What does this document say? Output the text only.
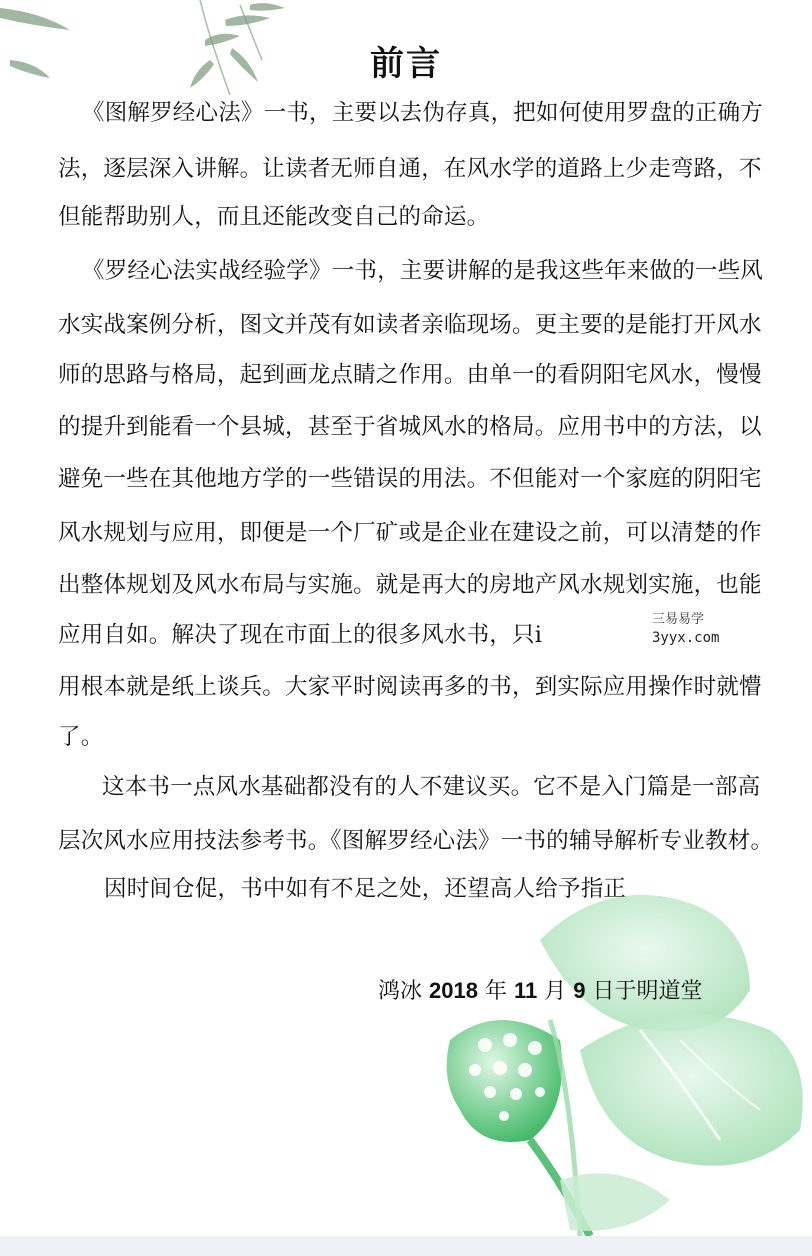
前言

《图解罗经心法》一书，主要以去伪存真，把如何使用罗盘的正确方

法，逐层深入讲解。让读者无师自通，在风水学的道路上少走弯路，不

但能帮助别人，而且还能改变自己的命运。

《罗经心法实战经验学》一书，主要讲解的是我这些年来做的一些风

水实战案例分析，图文并茂有如读者亲临现场。更主要的是能打开风水

师的思路与格局，起到画龙点睛之作用。由单一的看阴阳宅风水，慢慢

的提升到能看一个县城，甚至于省城风水的格局。应用书中的方法，以

避免一些在其他地方学的一些错误的用法。不但能对一个家庭的阴阳宅

风水规划与应用，即便是一个厂矿或是企业在建设之前，可以清楚的作

出整体规划及风水布局与实施。就是再大的房地产风水规划实施，也能

应用自如。解决了现在市面上的很多风水书，只i

用根本就是纸上谈兵。大家平时阅读再多的书，到实际应用操作时就懵

了。

这本书一点风水基础都没有的人不建议买。它不是入门篇是一部高

层次风水应用技法参考书。《图解罗经心法》一书的辅导解析专业教材。

因时间仓促，书中如有不足之处，还望高人给予指正

鸿冰 2018 年 11 月 9 日于明道堂

三易易学

3yyx.com
